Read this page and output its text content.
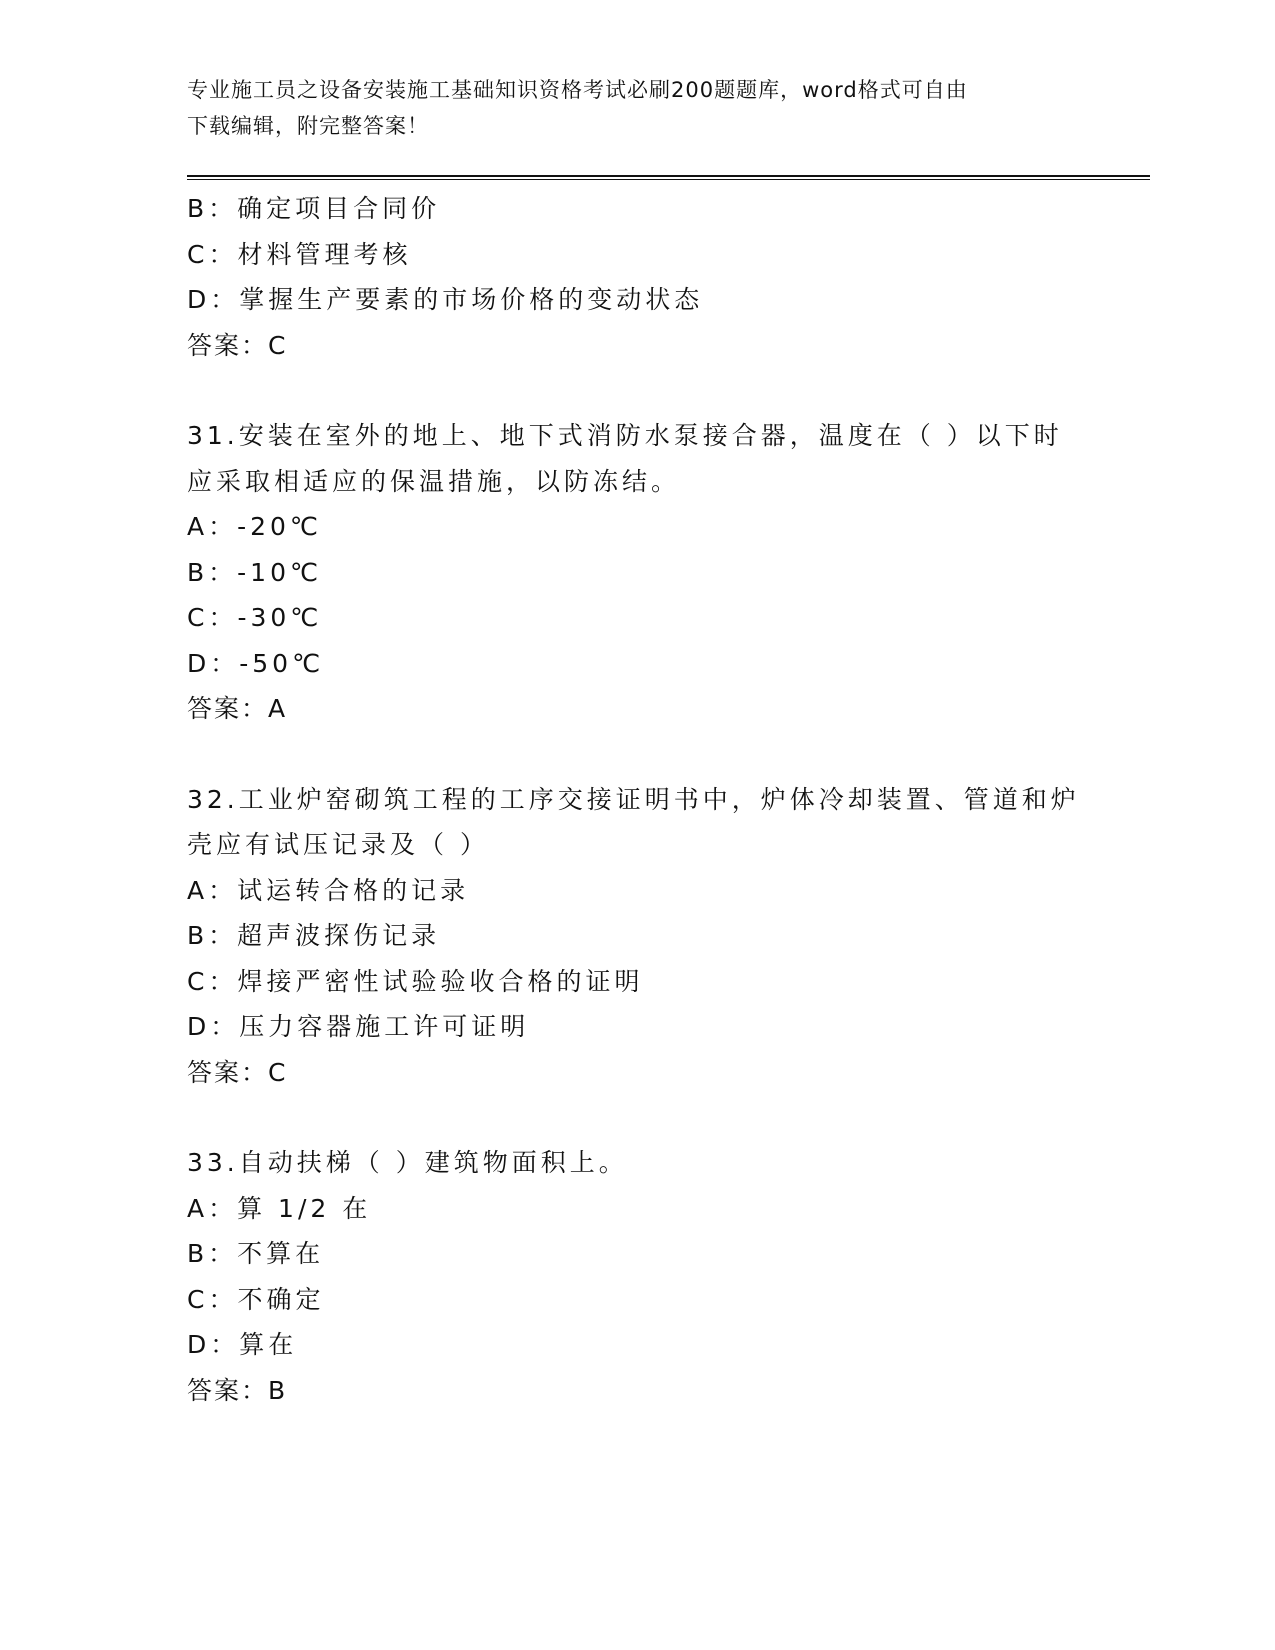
专业施工员之设备安装施工基础知识资格考试必刷200题题库，word格式可自由
下载编辑，附完整答案！
B：确定项目合同价
C：材料管理考核
D：掌握生产要素的市场价格的变动状态
答案：C
31.安装在室外的地上、地下式消防水泵接合器，温度在（ ）以下时
应采取相适应的保温措施，以防冻结。
A：-20℃
B：-10℃
C：-30℃
D：-50℃
答案：A
32.工业炉窑砌筑工程的工序交接证明书中，炉体冷却装置、管道和炉
壳应有试压记录及（ ）
A：试运转合格的记录
B：超声波探伤记录
C：焊接严密性试验验收合格的证明
D：压力容器施工许可证明
答案：C
33.自动扶梯（ ）建筑物面积上。
A：算 1/2 在
B：不算在
C：不确定
D：算在
答案：B
